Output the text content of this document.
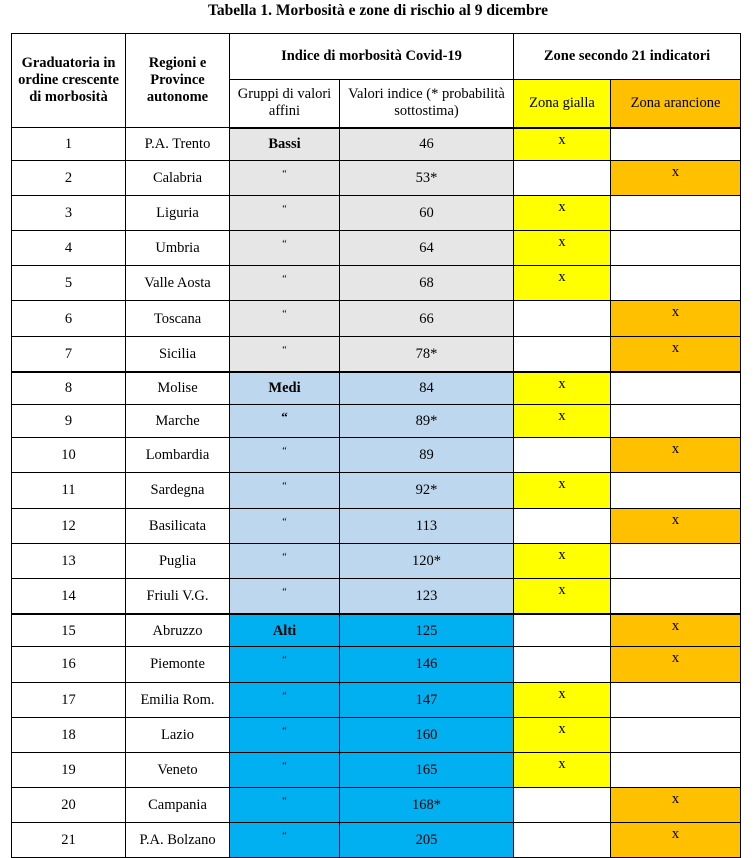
Tabella 1. Morbosità e zone di rischio al 9 dicembre
Graduatoria in ordine crescente di morbosità	Regioni e Province autonome	Indice di morbosità Covid-19		Zone secondo 21 indicatori	
		Gruppi di valori affini	Valori indice (* probabilità sottostima)	Zona gialla	Zona arancione
1	P.A. Trento	Bassi	46	x	
2	Calabria	“	53*		x
3	Liguria	“	60	x	
4	Umbria	“	64	x	
5	Valle Aosta	“	68	x	
6	Toscana	“	66		x
7	Sicilia	“	78*		x
8	Molise	Medi	84	x	
9	Marche	“	89*	x	
10	Lombardia	“	89		x
11	Sardegna	“	92*	x	
12	Basilicata	“	113		x
13	Puglia	“	120*	x	
14	Friuli V.G.	“	123	x	
15	Abruzzo	Alti	125		x
16	Piemonte	“	146		x
17	Emilia Rom.	“	147	x	
18	Lazio	“	160	x	
19	Veneto	“	165	x	
20	Campania	“	168*		x
21	P.A. Bolzano	“	205		x
